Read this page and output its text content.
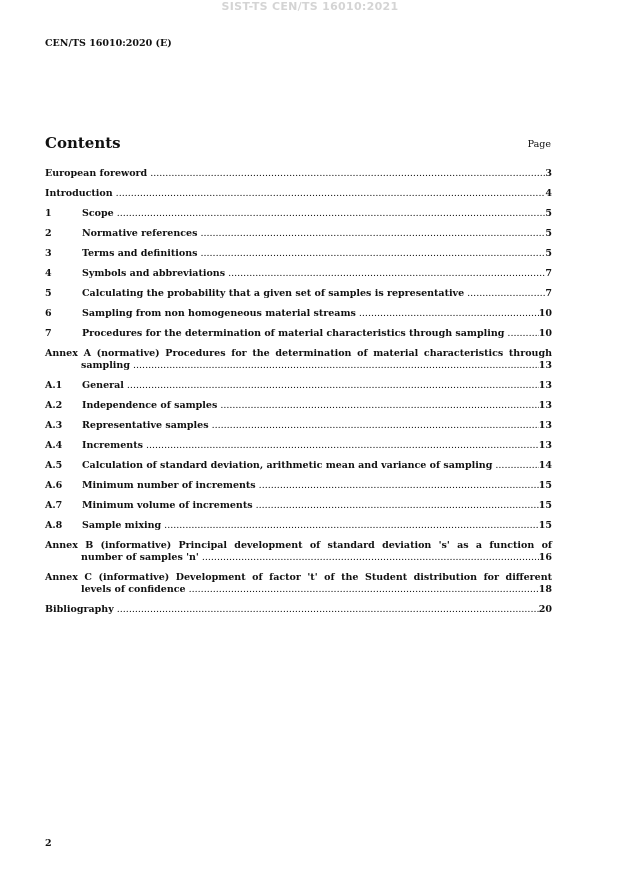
SIST-TS CEN/TS 16010:2021
CEN/TS 16010:2020 (E)
Contents	Page
European foreword .....	3
Introduction .....	4
1	Scope .....	5
2	Normative references .....	5
3	Terms and definitions .....	5
4	Symbols and abbreviations .....	7
5	Calculating the probability that a given set of samples is representative .....	7
6	Sampling from non homogeneous material streams .....	10
7	Procedures for the determination of material characteristics through sampling .....	10
Annex A (normative) Procedures for the determination of material characteristics through
sampling .....	13
A.1	General .....	13
A.2	Independence of samples .....	13
A.3	Representative samples .....	13
A.4	Increments .....	13
A.5	Calculation of standard deviation, arithmetic mean and variance of sampling .....	14
A.6	Minimum number of increments .....	15
A.7	Minimum volume of increments .....	15
A.8	Sample mixing .....	15
Annex B (informative) Principal development of standard deviation 's' as a function of
number of samples 'n' .....	16
Annex C (informative) Development of factor 't' of the Student distribution for different
levels of confidence .....	18
Bibliography .....	20
2
